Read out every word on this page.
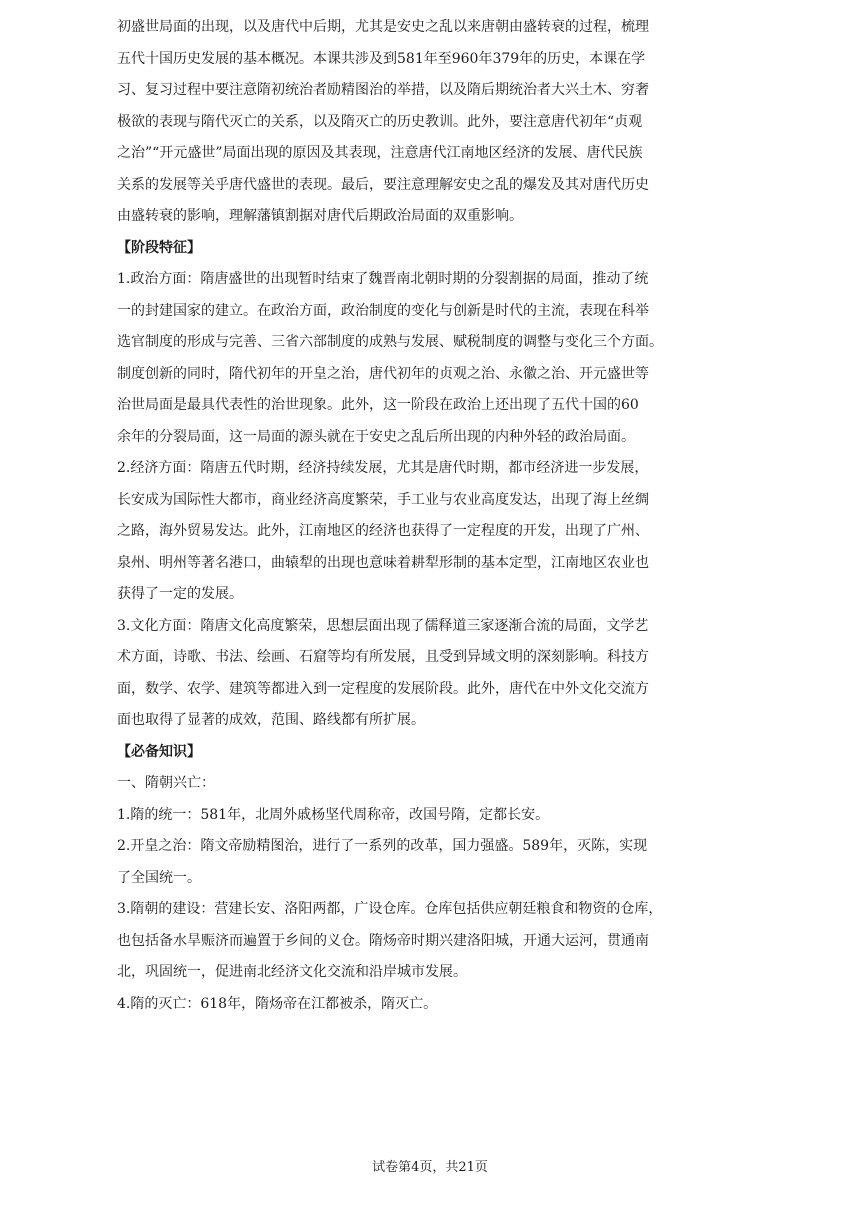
初盛世局面的出现，以及唐代中后期，尤其是安史之乱以来唐朝由盛转衰的过程，梳理
五代十国历史发展的基本概况。本课共涉及到581年至960年379年的历史，本课在学
习、复习过程中要注意隋初统治者励精图治的举措，以及隋后期统治者大兴土木、穷奢
极欲的表现与隋代灭亡的关系，以及隋灭亡的历史教训。此外，要注意唐代初年“贞观
之治”“开元盛世”局面出现的原因及其表现，注意唐代江南地区经济的发展、唐代民族
关系的发展等关乎唐代盛世的表现。最后，要注意理解安史之乱的爆发及其对唐代历史
由盛转衰的影响，理解藩镇割据对唐代后期政治局面的双重影响。
【阶段特征】
1.政治方面：隋唐盛世的出现暂时结束了魏晋南北朝时期的分裂割据的局面，推动了统
一的封建国家的建立。在政治方面，政治制度的变化与创新是时代的主流，表现在科举
选官制度的形成与完善、三省六部制度的成熟与发展、赋税制度的调整与变化三个方面。
制度创新的同时，隋代初年的开皇之治，唐代初年的贞观之治、永徽之治、开元盛世等
治世局面是最具代表性的治世现象。此外，这一阶段在政治上还出现了五代十国的60
余年的分裂局面，这一局面的源头就在于安史之乱后所出现的内种外轻的政治局面。
2.经济方面：隋唐五代时期，经济持续发展，尤其是唐代时期，都市经济进一步发展，
长安成为国际性大都市，商业经济高度繁荣，手工业与农业高度发达，出现了海上丝绸
之路，海外贸易发达。此外，江南地区的经济也获得了一定程度的开发，出现了广州、
泉州、明州等著名港口，曲辕犁的出现也意味着耕犁形制的基本定型，江南地区农业也
获得了一定的发展。
3.文化方面：隋唐文化高度繁荣，思想层面出现了儒释道三家逐渐合流的局面，文学艺
术方面，诗歌、书法、绘画、石窟等均有所发展，且受到异域文明的深刻影响。科技方
面，数学、农学、建筑等都进入到一定程度的发展阶段。此外，唐代在中外文化交流方
面也取得了显著的成效，范围、路线都有所扩展。
【必备知识】
一、隋朝兴亡：
1.隋的统一：581年，北周外戚杨坚代周称帝，改国号隋，定都长安。
2.开皇之治：隋文帝励精图治，进行了一系列的改革，国力强盛。589年，灭陈，实现
了全国统一。
3.隋朝的建设：营建长安、洛阳两都，广设仓库。仓库包括供应朝廷粮食和物资的仓库，
也包括备水旱赈济而遍置于乡间的义仓。隋炀帝时期兴建洛阳城，开通大运河，贯通南
北，巩固统一，促进南北经济文化交流和沿岸城市发展。
4.隋的灭亡：618年，隋炀帝在江都被杀，隋灭亡。
试卷第4页，共21页
